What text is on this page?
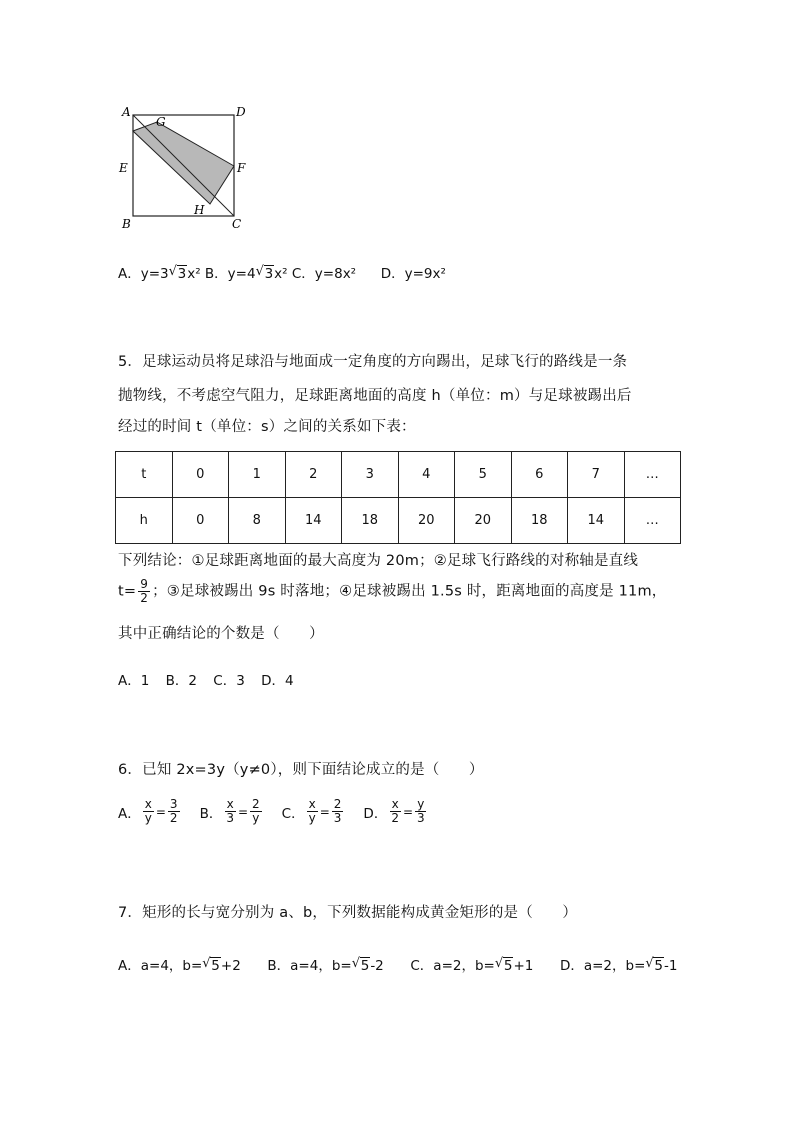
A	D
G
E	F
H
B	C
A．y=3 √ 3x² B．y=4 √ 3x² C．y=8x² D．y=9x²
5．足球运动员将足球沿与地面成一定角度的方向踢出，足球飞行的路线是一条
抛物线，不考虑空气阻力，足球距离地面的高度 h（单位：m）与足球被踢出后
经过的时间 t（单位：s）之间的关系如下表：
t	0	1	2	3	4	5	6	7	…
h	0	8	14	18	20	20	18	14	…
下列结论：①足球距离地面的最大高度为 20m；②足球飞行路线的对称轴是直线
$t= \frac{9}{2}$ ；③足球被踢出 9s 时落地；④足球被踢出 1.5s 时，距离地面的高度是 11m，
其中正确结论的个数是（　　）
A．1 B．2 C．3 D．4
6．已知 2x=3y（y≠0），则下面结论成立的是（　　）
A． $\frac{x}{y} = \frac{3}{2}$ B． $\frac{x}{3} = \frac{2}{y}$ C． $\frac{x}{y} = \frac{2}{3}$ D． $\frac{x}{2} = \frac{y}{3}$
7．矩形的长与宽分别为 a、b，下列数据能构成黄金矩形的是（　　）
A．a=4，b= √ 5+2 B．a=4，b= √ 5-2 C．a=2，b= √ 5+1 D．a=2，b= √ 5-1
